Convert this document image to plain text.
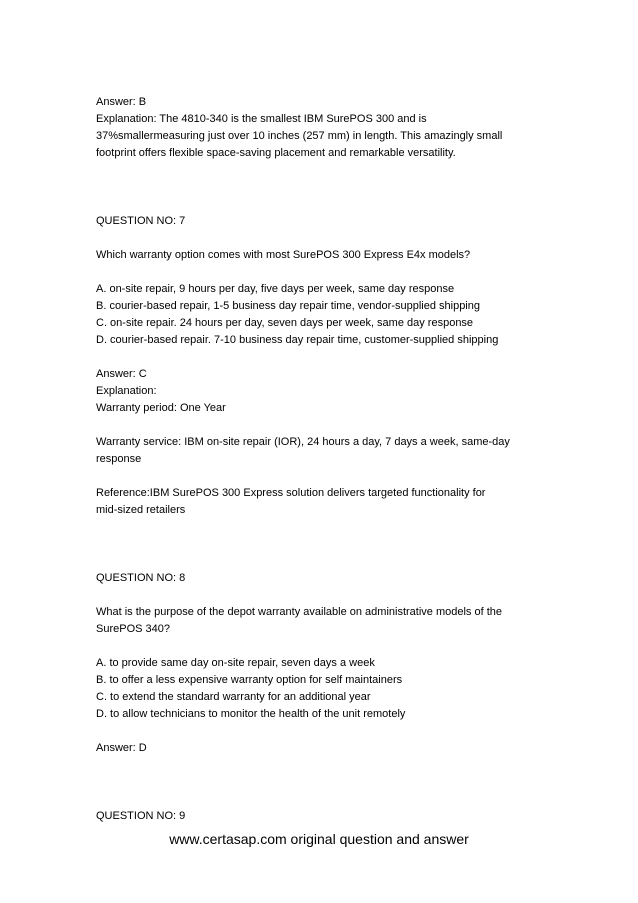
Answer: B

Explanation: The 4810-340 is the smallest IBM SurePOS 300 and is

37%smallermeasuring just over 10 inches (257 mm) in length. This amazingly small

footprint offers flexible space-saving placement and remarkable versatility.

QUESTION NO: 7

Which warranty option comes with most SurePOS 300 Express E4x models?

A. on-site repair, 9 hours per day, five days per week, same day response

B. courier-based repair, 1-5 business day repair time, vendor-supplied shipping

C. on-site repair. 24 hours per day, seven days per week, same day response

D. courier-based repair. 7-10 business day repair time, customer-supplied shipping

Answer: C

Explanation:

Warranty period: One Year

Warranty service: IBM on-site repair (IOR), 24 hours a day, 7 days a week, same-day

response

Reference:IBM SurePOS 300 Express solution delivers targeted functionality for

mid-sized retailers

QUESTION NO: 8

What is the purpose of the depot warranty available on administrative models of the

SurePOS 340?

A. to provide same day on-site repair, seven days a week

B. to offer a less expensive warranty option for self maintainers

C. to extend the standard warranty for an additional year

D. to allow technicians to monitor the health of the unit remotely

Answer: D

QUESTION NO: 9

www.certasap.com original question and answer
